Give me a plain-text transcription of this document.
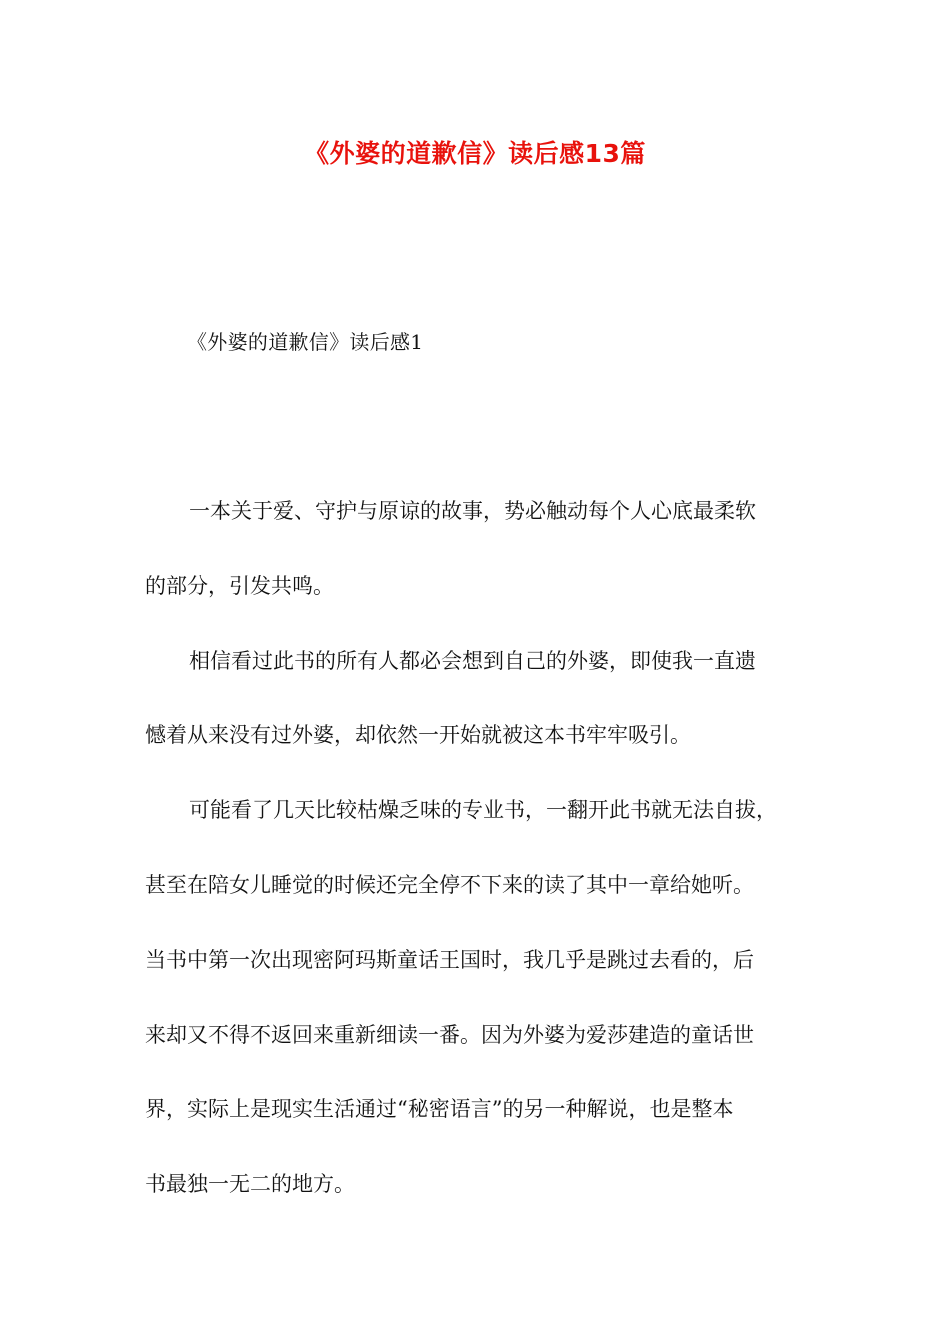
《外婆的道歉信》读后感13篇
《外婆的道歉信》读后感1
一本关于爱、守护与原谅的故事，势必触动每个人心底最柔软
的部分，引发共鸣。
相信看过此书的所有人都必会想到自己的外婆，即使我一直遗
憾着从来没有过外婆，却依然一开始就被这本书牢牢吸引。
可能看了几天比较枯燥乏味的专业书，一翻开此书就无法自拔，
甚至在陪女儿睡觉的时候还完全停不下来的读了其中一章给她听。
当书中第一次出现密阿玛斯童话王国时，我几乎是跳过去看的，后
来却又不得不返回来重新细读一番。因为外婆为爱莎建造的童话世
界，实际上是现实生活通过“秘密语言”的另一种解说，也是整本
书最独一无二的地方。
